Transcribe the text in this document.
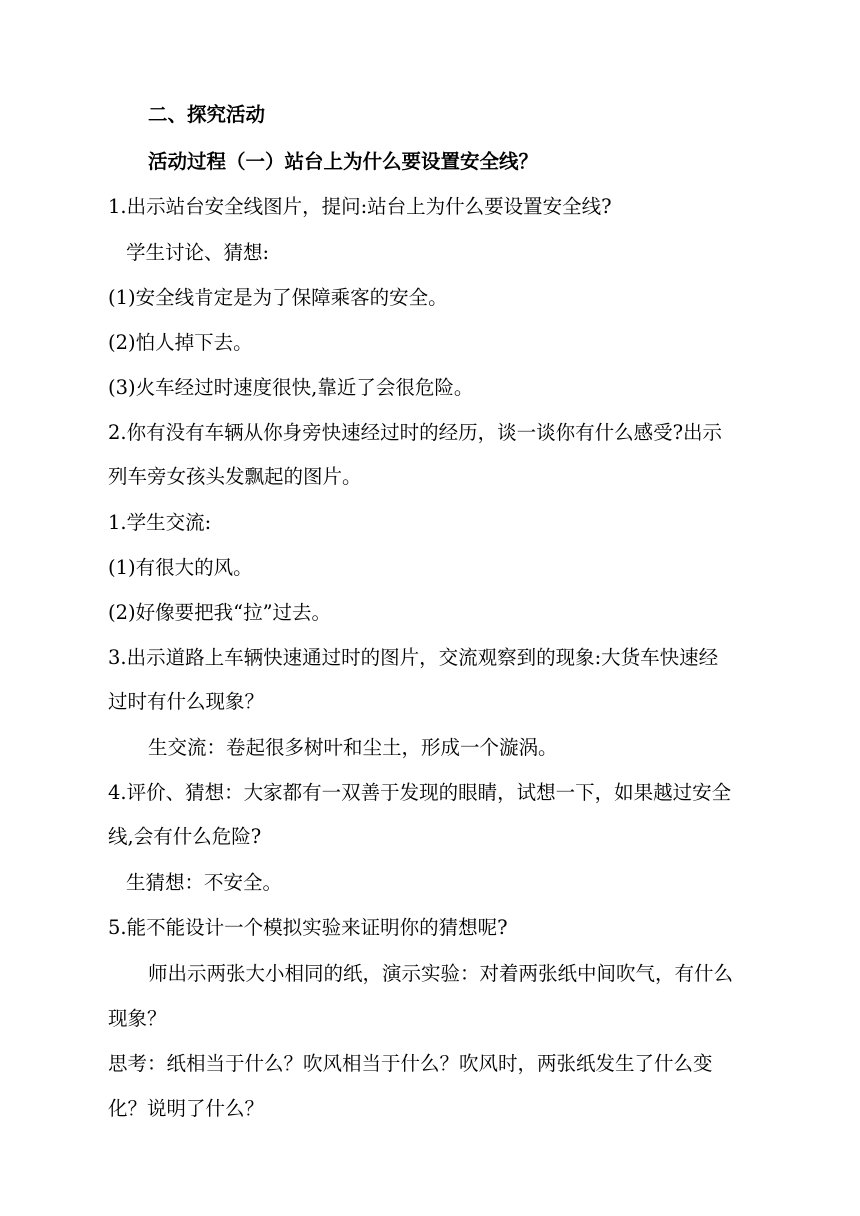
二、探究活动
活动过程（一）站台上为什么要设置安全线？
1.出示站台安全线图片，提问:站台上为什么要设置安全线?
学生讨论、猜想:
(1)安全线肯定是为了保障乘客的安全。
(2)怕人掉下去。
(3)火车经过时速度很快,靠近了会很危险。
2.你有没有车辆从你身旁快速经过时的经历，谈一谈你有什么感受?出示
列车旁女孩头发飘起的图片。
1.学生交流:
(1)有很大的风。
(2)好像要把我“拉”过去。
3.出示道路上车辆快速通过时的图片，交流观察到的现象:大货车快速经
过时有什么现象？
生交流：卷起很多树叶和尘土，形成一个漩涡。
4.评价、猜想：大家都有一双善于发现的眼睛，试想一下，如果越过安全
线,会有什么危险?
生猜想：不安全。
5.能不能设计一个模拟实验来证明你的猜想呢?
师出示两张大小相同的纸，演示实验：对着两张纸中间吹气，有什么
现象？
思考：纸相当于什么？吹风相当于什么？吹风时，两张纸发生了什么变
化？说明了什么？
